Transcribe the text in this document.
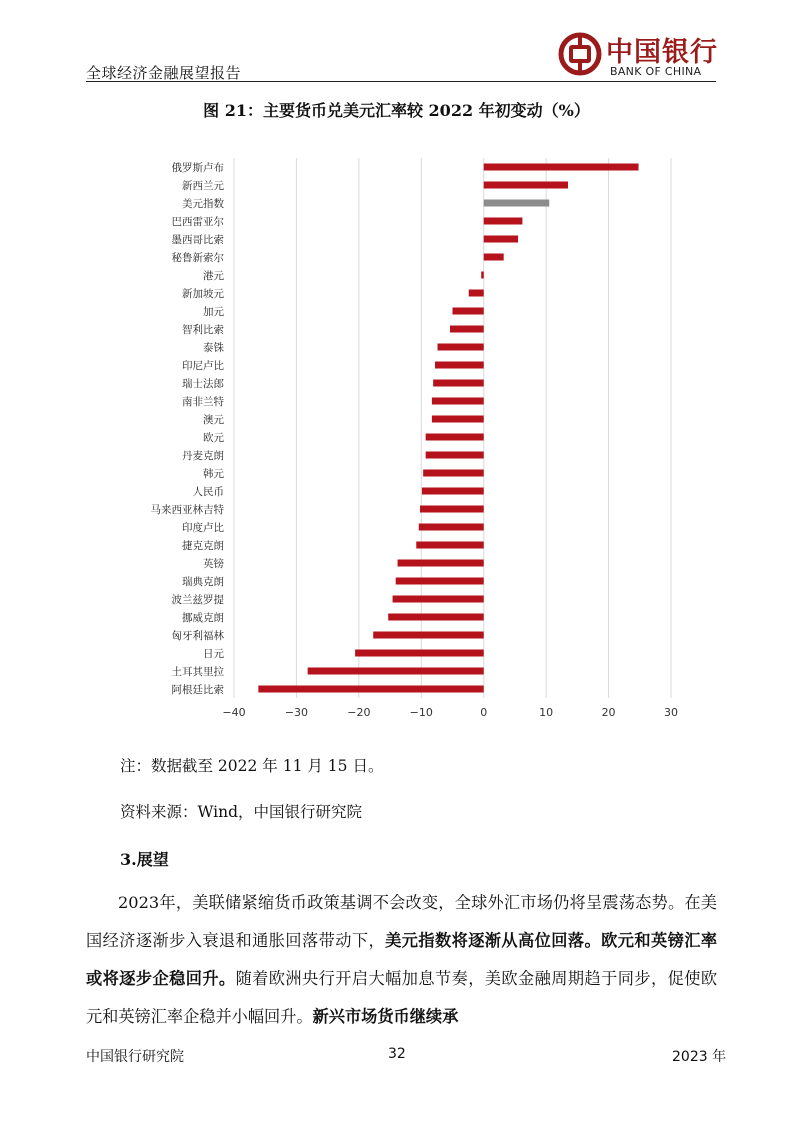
全球经济金融展望报告
中国银行
BANK OF CHINA
图 21：主要货币兑美元汇率较 2022 年初变动（%）
俄罗斯卢布
新西兰元
美元指数
巴西雷亚尔
墨西哥比索
秘鲁新索尔
港元
新加坡元
加元
智利比索
泰铢
印尼卢比
瑞士法郎
南非兰特
澳元
欧元
丹麦克朗
韩元
人民币
马来西亚林吉特
印度卢比
捷克克朗
英镑
瑞典克朗
波兰兹罗提
挪威克朗
匈牙利福林
日元
土耳其里拉
阿根廷比索
−40	−30	−20	−10	0	10	20	30
注：数据截至 2022 年 11 月 15 日。
资料来源：Wind，中国银行研究院
3.展望
2023年，美联储紧缩货币政策基调不会改变，全球外汇市场仍将呈震荡态势。在美国经济逐渐步入衰退和通胀回落带动下，美元指数将逐渐从高位回落。欧元和英镑汇率或将逐步企稳回升。随着欧洲央行开启大幅加息节奏，美欧金融周期趋于同步，促使欧元和英镑汇率企稳并小幅回升。新兴市场货币继续承
中国银行研究院	32	2023 年
